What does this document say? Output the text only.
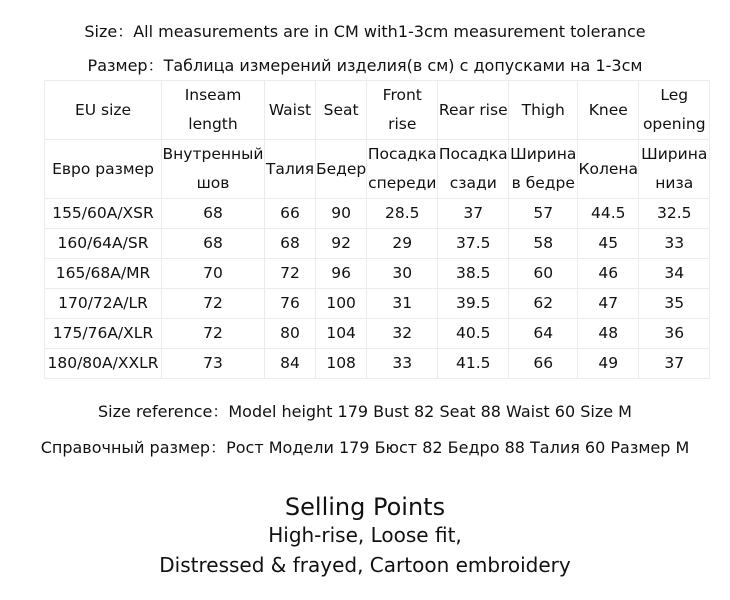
Size：All measurements are in CM with1-3cm measurement tolerance
Размер：Таблица измерений изделия(в см) с допусками на 1-3см
EU size	Inseam length	Waist	Seat	Front rise	Rear rise	Thigh	Knee	Leg opening
Евро размер	Внутренный шов	Талия	Бедер	Посадка спереди	Посадка сзади	Ширина в бедре	Колена	Ширина низа
155/60A/XSR	68	66	90	28.5	37	57	44.5	32.5
160/64A/SR	68	68	92	29	37.5	58	45	33
165/68A/MR	70	72	96	30	38.5	60	46	34
170/72A/LR	72	76	100	31	39.5	62	47	35
175/76A/XLR	72	80	104	32	40.5	64	48	36
180/80A/XXLR	73	84	108	33	41.5	66	49	37
Size reference：Model height 179 Bust 82 Seat 88 Waist 60 Size M
Справочный размер：Рост Модели 179 Бюст 82 Бедро 88 Талия 60 Размер M
Selling Points
High-rise, Loose fit,
Distressed & frayed, Cartoon embroidery
